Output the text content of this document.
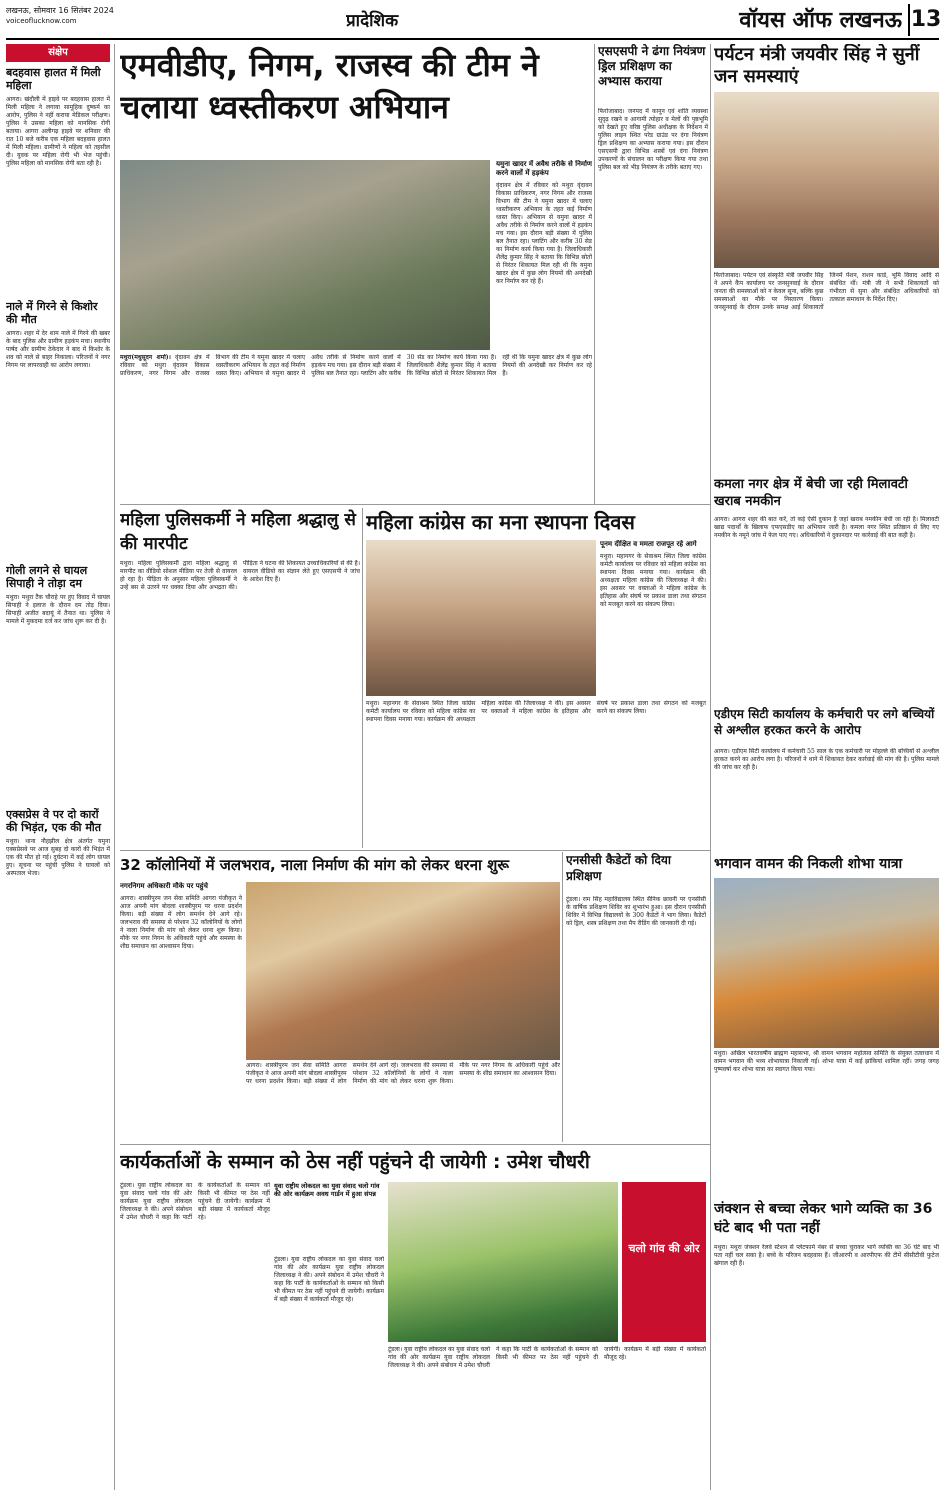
लखनऊ, सोमवार 16 सितंबर 2024
voiceoflucknow.com	प्रादेशिक	वॉयस ऑफ लखनऊ 13
संक्षेप
बदहवास हालत में मिली महिला
आगरा। खंदौली में हाइवे पर बदहवास हालत में मिली महिला ने लगाया सामूहिक दुष्कर्म का आरोप, पुलिस ने नहीं कराया मेडिकल परीक्षण। पुलिस ने उसका महिला को मानसिक रोगी बताया। आगरा अलीगढ़ हाइवे पर शनिवार की रात 10 बजे करीब एक महिला बदहवास हालत में मिली महिला। ग्रामीणों ने महिला को तहसील दी। युवक पर महिला रोगी भी भेज पहुंची। पुलिस महिला को मानसिक रोगी बता रही है।
नाले में गिरने से किशोर की मौत
आगरा। शहर में देर शाम नाले में गिरने की खबर के बाद पुलिस और ग्रामीण हड़कंप मचा। स्थानीय पार्षद और ग्रामीण ठेकेदार ने बाद में किशोर के शव को नाले से बाहर निकाला। परिजनों ने नगर निगम पर लापरवाही का आरोप लगाया।
गोली लगने से घायल सिपाही ने तोड़ा दम
मथुरा। मथुरा टैंक चौराहे पर हुए विवाद में घायल सिपाही ने इलाज के दौरान दम तोड़ दिया। सिपाही अजीत बदायूं में तैनात था। पुलिस ने मामले में मुकदमा दर्ज कर जांच शुरू कर दी है।
एक्सप्रेस वे पर दो कारों की भिड़ंत, एक की मौत
मथुरा। थाना नौहझील क्षेत्र अंतर्गत यमुना एक्सप्रेसवे पर आज सुबह दो कारों की भिड़ंत में एक की मौत हो गई। दुर्घटना में कई लोग घायल हुए। सूचना पर पहुंची पुलिस ने घायलों को अस्पताल भेजा।
एमवीडीए, निगम, राजस्व की टीम ने चलाया ध्वस्तीकरण अभियान
यमुना खादर में अवैध तरीके से निर्माण करने वालों में हड़कंप
वृंदावन क्षेत्र में रविवार को मथुरा वृंदावन विकास प्राधिकरण, नगर निगम और राजस्व विभाग की टीम ने यमुना खादर में चलाए ध्वस्तीकरण अभियान के तहत कई निर्माण ध्वस्त किए। अभियान से यमुना खादर में अवैध तरीके से निर्माण करने वालों में हड़कंप मच गया। इस दौरान बड़ी संख्या में पुलिस बल तैनात रहा। प्लाटिंग और करीब 30 सेड का निर्माण कार्य किया गया है। जिलाधिकारी शैलेंद्र कुमार सिंह ने बताया कि विभिन्न स्रोतों से निरंतर शिकायत मिल रही थी कि यमुना खादर क्षेत्र में कुछ लोग नियमों की अनदेखी कर निर्माण कर रहे हैं।
मथुरा(मधुसूदन शर्मा)। वृंदावन क्षेत्र में रविवार को मथुरा वृंदावन विकास प्राधिकरण, नगर निगम और राजस्व विभाग की टीम ने यमुना खादर में चलाए ध्वस्तीकरण अभियान के तहत कई निर्माण ध्वस्त किए। अभियान से यमुना खादर में अवैध तरीके से निर्माण करने वालों में हड़कंप मच गया। इस दौरान बड़ी संख्या में पुलिस बल तैनात रहा। प्लाटिंग और करीब 30 सेड का निर्माण कार्य किया गया है। जिलाधिकारी शैलेंद्र कुमार सिंह ने बताया कि विभिन्न स्रोतों से निरंतर शिकायत मिल रही थी कि यमुना खादर क्षेत्र में कुछ लोग नियमों की अनदेखी कर निर्माण कर रहे हैं।
एसएसपी ने ढंगा नियंत्रण ड्रिल प्रशिक्षण का अभ्यास कराया
फिरोजाबाद। जनपद में कानून एवं शांति व्यवस्था सुदृढ़ रखने व आगामी त्योहार व मेलों की पृष्ठभूमि को देखते हुए वरिष्ठ पुलिस अधीक्षक के निर्देशन में पुलिस लाइन स्थित परेड ग्राउंड पर दंगा नियंत्रण ड्रिल प्रशिक्षण का अभ्यास कराया गया। इस दौरान एसएसपी द्वारा विभिन्न शस्त्रों एवं दंगा नियंत्रण उपकरणों के संचालन का परीक्षण किया गया तथा पुलिस बल को भीड़ नियंत्रण के तरीके बताए गए।
पर्यटन मंत्री जयवीर सिंह ने सुनीं जन समस्याएं
फिरोजाबाद। पर्यटन एवं संस्कृति मंत्री जयवीर सिंह ने अपने कैंप कार्यालय पर जनसुनवाई के दौरान जनता की समस्याओं को न केवल सुना, बल्कि कुछ समस्याओं का मौके पर निस्तारण किया। जनसुनवाई के दौरान उनके समक्ष आई शिकायतों जिनमें पेंशन, राशन कार्ड, भूमि विवाद आदि से संबंधित थीं। मंत्री जी ने सभी शिकायतों को गंभीरता से सुना और संबंधित अधिकारियों को तत्काल समाधान के निर्देश दिए।
कमला नगर क्षेत्र में बेची जा रही मिलावटी खराब नमकीन
आगरा। आगरा शहर की बात करें, तो कई ऐसी दुकान है जहां खराब नमकीन बेची जा रही है। मिलावटी खाद्य पदार्थों के खिलाफ एफएसडीए का अभियान जारी है। कमला नगर स्थित प्रतिष्ठान से लिए गए नमकीन के नमूने जांच में फेल पाए गए। अधिकारियों ने दुकानदार पर कार्रवाई की बात कही है।
महिला पुलिसकर्मी ने महिला श्रद्धालु से की मारपीट
मथुरा। महिला पुलिसकर्मी द्वारा महिला श्रद्धालु से मारपीट का वीडियो सोशल मीडिया पर तेजी से वायरल हो रहा है। पीड़िता के अनुसार महिला पुलिसकर्मी ने उन्हें बस से उतरने पर धक्का दिया और अभद्रता की। पीड़िता ने घटना की शिकायत उच्चाधिकारियों से की है। वायरल वीडियो का संज्ञान लेते हुए एसएसपी ने जांच के आदेश दिए हैं।
महिला कांग्रेस का मना स्थापना दिवस
पूनम दीक्षित व ममता राजपूत रहे आगे
मथुरा। महानगर के सेवाश्रम स्थित जिला कांग्रेस कमेटी कार्यालय पर रविवार को महिला कांग्रेस का स्थापना दिवस मनाया गया। कार्यक्रम की अध्यक्षता महिला कांग्रेस की जिलाध्यक्ष ने की। इस अवसर पर वक्ताओं ने महिला कांग्रेस के इतिहास और संघर्ष पर प्रकाश डाला तथा संगठन को मजबूत करने का संकल्प लिया।
मथुरा। महानगर के सेवाश्रम स्थित जिला कांग्रेस कमेटी कार्यालय पर रविवार को महिला कांग्रेस का स्थापना दिवस मनाया गया। कार्यक्रम की अध्यक्षता महिला कांग्रेस की जिलाध्यक्ष ने की। इस अवसर पर वक्ताओं ने महिला कांग्रेस के इतिहास और संघर्ष पर प्रकाश डाला तथा संगठन को मजबूत करने का संकल्प लिया।	एडीएम सिटी कार्यालय के कर्मचारी पर लगे बच्चियों से अश्लील हरकत करने के आरोप
आगरा। एडीएम सिटी कार्यालय में कर्मचारी 55 साल के एक कर्मचारी पर मोहल्ले की बच्चियों से अश्लील हरकत करने का आरोप लगा है। परिजनों ने थाने में शिकायत देकर कार्रवाई की मांग की है। पुलिस मामले की जांच कर रही है।
32 कॉलोनियों में जलभराव, नाला निर्माण की मांग को लेकर धरना शुरू
नगरनिगम अधिकारी मौके पर पहुंचे
आगरा। शास्त्रीपुरम जन सेवा समिति आगरा पंजीकृत ने आज अपनी मांग बोदला शास्त्रीपुरम पर धरना प्रदर्शन किया। बड़ी संख्या में लोग समर्थन देने आगे रहे। जलभराव की समस्या से परेशान 32 कॉलोनियों के लोगों ने नाला निर्माण की मांग को लेकर धरना शुरू किया। मौके पर नगर निगम के अधिकारी पहुंचे और समस्या के शीघ्र समाधान का आश्वासन दिया।
आगरा। शास्त्रीपुरम जन सेवा समिति आगरा पंजीकृत ने आज अपनी मांग बोदला शास्त्रीपुरम पर धरना प्रदर्शन किया। बड़ी संख्या में लोग समर्थन देने आगे रहे। जलभराव की समस्या से परेशान 32 कॉलोनियों के लोगों ने नाला निर्माण की मांग को लेकर धरना शुरू किया। मौके पर नगर निगम के अधिकारी पहुंचे और समस्या के शीघ्र समाधान का आश्वासन दिया।
एनसीसी कैडेटों को दिया प्रशिक्षण
टूंडला। राम सिंह महाविद्यालय स्थित सैनिक छावनी पर एनसीसी के वार्षिक प्रशिक्षण शिविर का शुभारंभ हुआ। इस दौरान एनसीसी शिविर में विभिन्न विद्यालयों के 300 कैडेटों ने भाग लिया। कैडेटों को ड्रिल, शस्त्र प्रशिक्षण तथा मैप रीडिंग की जानकारी दी गई।
भगवान वामन की निकली शोभा यात्रा
मथुरा। अखिल भारतवर्षीय ब्राह्मण महासभा, श्री वामन भगवान महोत्सव समिति के संयुक्त तत्वाधान में वामन भगवान की भव्य शोभायात्रा निकाली गई। शोभा यात्रा में कई झांकियां शामिल रहीं। जगह जगह पुष्पवर्षा कर शोभा यात्रा का स्वागत किया गया।
कार्यकर्ताओं के सम्मान को ठेस नहीं पहुंचने दी जायेगी : उमेश चौधरी
टूंडला। युवा राष्ट्रीय लोकदल का युवा संवाद चलो गांव की ओर कार्यक्रम युवा राष्ट्रीय लोकदल जिलाध्यक्ष ने की। अपने संबोधन में उमेश चौधरी ने कहा कि पार्टी के कार्यकर्ताओं के सम्मान को किसी भी कीमत पर ठेस नहीं पहुंचने दी जायेगी। कार्यक्रम में बड़ी संख्या में कार्यकर्ता मौजूद रहे।
युवा राष्ट्रीय लोकदल का युवा संवाद चलो गांव की ओर कार्यक्रम अवध गार्डन में हुआ संपन्न
चलो गांव की ओर
टूंडला। युवा राष्ट्रीय लोकदल का युवा संवाद चलो गांव की ओर कार्यक्रम युवा राष्ट्रीय लोकदल जिलाध्यक्ष ने की। अपने संबोधन में उमेश चौधरी ने कहा कि पार्टी के कार्यकर्ताओं के सम्मान को किसी भी कीमत पर ठेस नहीं पहुंचने दी जायेगी। कार्यक्रम में बड़ी संख्या में कार्यकर्ता मौजूद रहे।
टूंडला। युवा राष्ट्रीय लोकदल का युवा संवाद चलो गांव की ओर कार्यक्रम युवा राष्ट्रीय लोकदल जिलाध्यक्ष ने की। अपने संबोधन में उमेश चौधरी ने कहा कि पार्टी के कार्यकर्ताओं के सम्मान को किसी भी कीमत पर ठेस नहीं पहुंचने दी जायेगी। कार्यक्रम में बड़ी संख्या में कार्यकर्ता मौजूद रहे।
जंक्शन से बच्चा लेकर भागे व्यक्ति का 36 घंटे बाद भी पता नहीं
मथुरा। मथुरा जंक्शन रेलवे स्टेशन से प्लेटफार्म नंबर से बच्चा चुराकर भागे व्यक्ति का 36 घंटे बाद भी पता नहीं चल सका है। बच्चे के परिजन बदहवास हैं। जीआरपी व आरपीएफ की टीमें सीसीटीवी फुटेज खंगाल रही हैं।
